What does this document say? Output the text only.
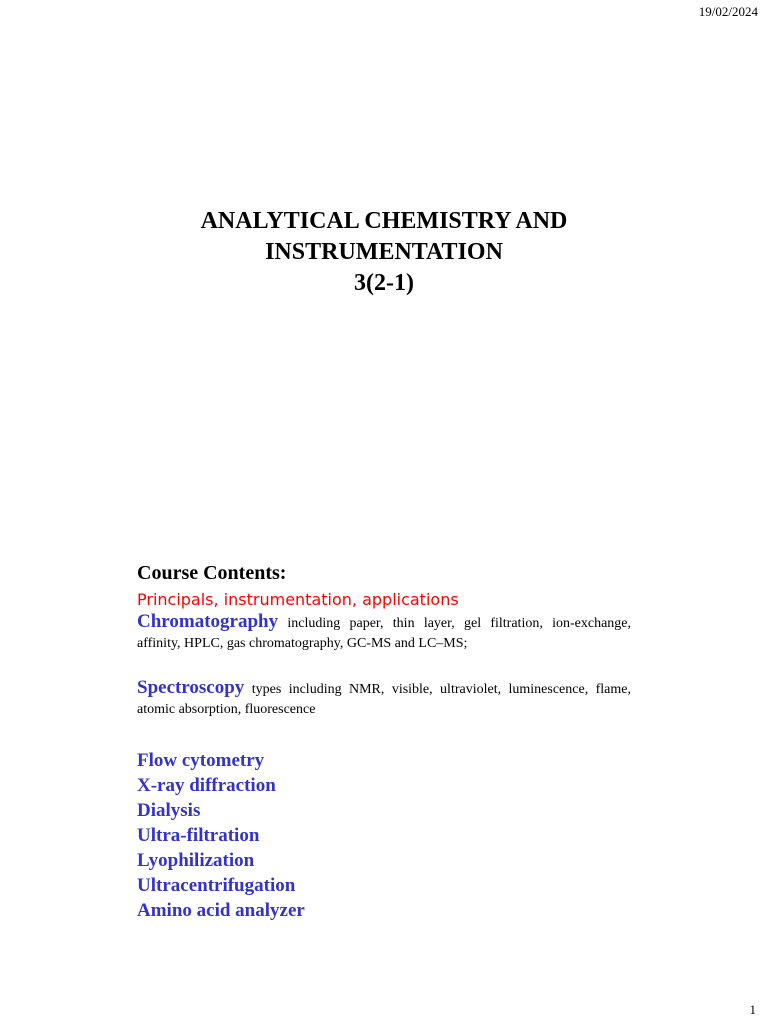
19/02/2024
ANALYTICAL CHEMISTRY AND
INSTRUMENTATION
3(2-1)

Course Contents:

Principals, instrumentation, applications

Chromatography including paper, thin layer, gel filtration, ion-exchange, affinity, HPLC, gas chromatography, GC-MS and LC–MS;

Spectroscopy types including NMR, visible, ultraviolet, luminescence, flame, atomic absorption, fluorescence

Flow cytometry
X-ray diffraction
Dialysis
Ultra-filtration
Lyophilization
Ultracentrifugation
Amino acid analyzer
1
